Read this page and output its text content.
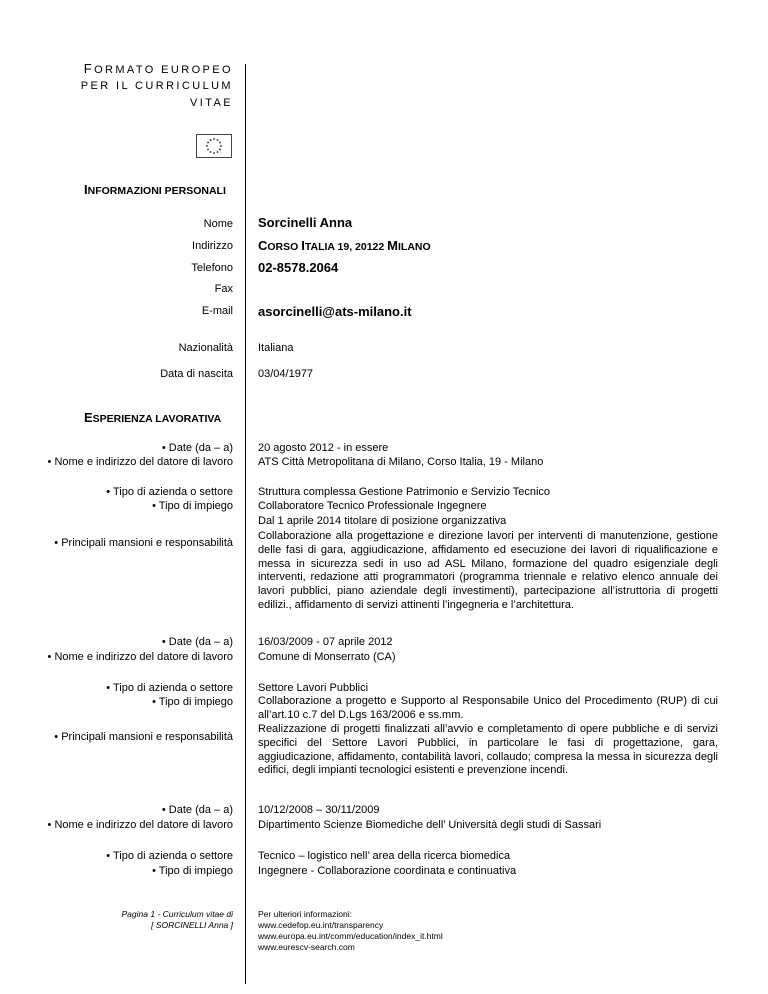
FORMATO EUROPEO
PER IL CURRICULUM
VITAE
INFORMAZIONI PERSONALI
Nome Sorcinelli Anna
Indirizzo CORSO ITALIA 19, 20122 MILANO
Telefono 02-8578.2064
Fax
E-mail asorcinelli@ats-milano.it
Nazionalità Italiana
Data di nascita 03/04/1977
ESPERIENZA LAVORATIVA
• Date (da – a)
• Nome e indirizzo del datore di lavoro
• Tipo di azienda o settore
• Tipo di impiego
• Principali mansioni e responsabilità
20 agosto 2012 - in essere
ATS Città Metropolitana di Milano, Corso Italia, 19 - Milano
Struttura complessa Gestione Patrimonio e Servizio Tecnico
Collaboratore Tecnico Professionale Ingegnere
Dal 1 aprile 2014 titolare di posizione organizzativa
Collaborazione alla progettazione e direzione lavori per interventi di manutenzione, gestione delle fasi di gara, aggiudicazione, affidamento ed esecuzione dei lavori di riqualificazione e messa in sicurezza sedi in uso ad ASL Milano, formazione del quadro esigenziale degli interventi, redazione atti programmatori (programma triennale e relativo elenco annuale dei lavori pubblici, piano aziendale degli investimenti), partecipazione all’istruttoria di progetti edilizi., affidamento di servizi attinenti l’ingegneria e l’architettura.
• Date (da – a)
• Nome e indirizzo del datore di lavoro
• Tipo di azienda o settore
• Tipo di impiego
• Principali mansioni e responsabilità
16/03/2009 - 07 aprile 2012
Comune di Monserrato (CA)
Settore Lavori Pubblici
Collaborazione a progetto e Supporto al Responsabile Unico del Procedimento (RUP) di cui all’art.10 c.7 del D.Lgs 163/2006 e ss.mm.
Realizzazione di progetti finalizzati all’avvio e completamento di opere pubbliche e di servizi specifici del Settore Lavori Pubblici, in particolare le fasi di progettazione, gara, aggiudicazione, affidamento, contabilità lavori, collaudo; compresa la messa in sicurezza degli edifici, degli impianti tecnologici esistenti e prevenzione incendi.
• Date (da – a)
• Nome e indirizzo del datore di lavoro
• Tipo di azienda o settore
• Tipo di impiego
10/12/2008 – 30/11/2009
Dipartimento Scienze Biomediche dell’ Università degli studi di Sassari
Tecnico – logistico nell’ area della ricerca biomedica
Ingegnere - Collaborazione coordinata e continuativa
Pagina 1 - Curriculum vitae di
[ SORCINELLI Anna ]
Per ulteriori informazioni:
www.cedefop.eu.int/transparency
www.europa.eu.int/comm/education/index_it.html
www.eurescv-search.com
